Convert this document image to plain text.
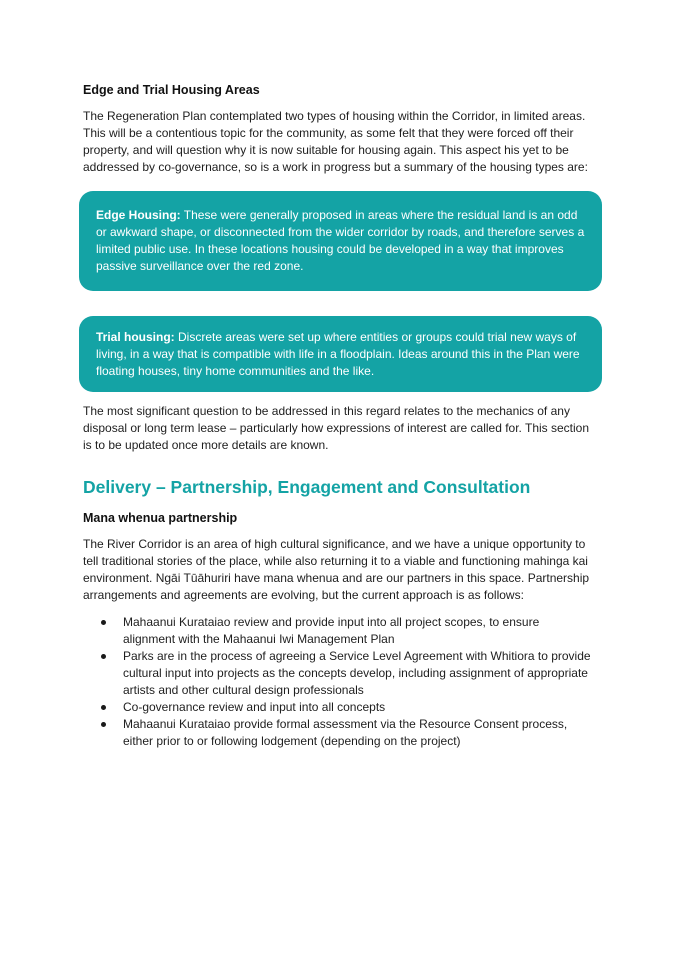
Edge and Trial Housing Areas

The Regeneration Plan contemplated two types of housing within the Corridor, in limited areas. This will be a contentious topic for the community, as some felt that they were forced off their property, and will question why it is now suitable for housing again. This aspect his yet to be addressed by co-governance, so is a work in progress but a summary of the housing types are:

Edge Housing: These were generally proposed in areas where the residual land is an odd or awkward shape, or disconnected from the wider corridor by roads, and therefore serves a limited public use. In these locations housing could be developed in a way that improves passive surveillance over the red zone.
Trial housing: Discrete areas were set up where entities or groups could trial new ways of living, in a way that is compatible with life in a floodplain. Ideas around this in the Plan were floating houses, tiny home communities and the like.

The most significant question to be addressed in this regard relates to the mechanics of any disposal or long term lease – particularly how expressions of interest are called for. This section is to be updated once more details are known.

Delivery – Partnership, Engagement and Consultation
Mana whenua partnership

The River Corridor is an area of high cultural significance, and we have a unique opportunity to tell traditional stories of the place, while also returning it to a viable and functioning mahinga kai environment. Ngāi Tūāhuriri have mana whenua and are our partners in this space. Partnership arrangements and agreements are evolving, but the current approach is as follows:

Mahaanui Kurataiao review and provide input into all project scopes, to ensure alignment with the Mahaanui Iwi Management Plan
Parks are in the process of agreeing a Service Level Agreement with Whitiora to provide cultural input into projects as the concepts develop, including assignment of appropriate artists and other cultural design professionals
Co-governance review and input into all concepts
Mahaanui Kurataiao provide formal assessment via the Resource Consent process, either prior to or following lodgement (depending on the project)
